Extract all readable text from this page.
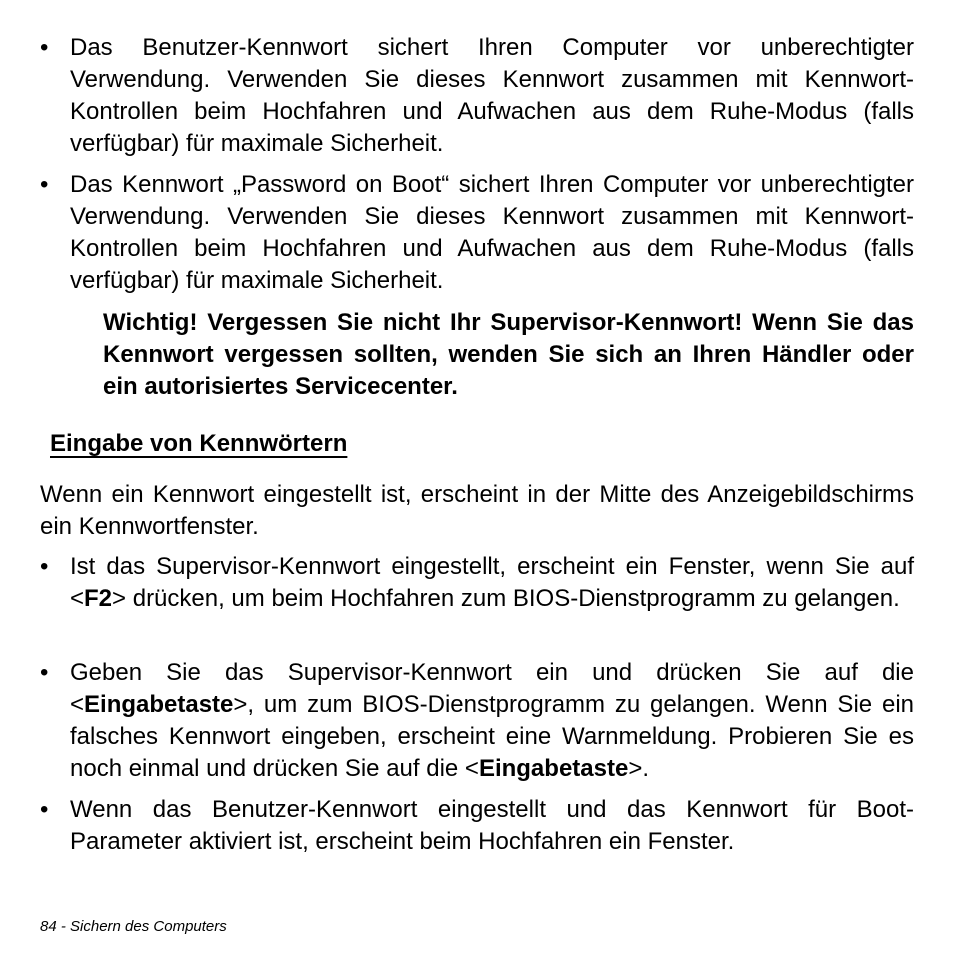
• Das Benutzer-Kennwort sichert Ihren Computer vor unberechtigter Verwendung. Verwenden Sie dieses Kennwort zusammen mit Kennwort-Kontrollen beim Hochfahren und Aufwachen aus dem Ruhe-Modus (falls verfügbar) für maximale Sicherheit.
• Das Kennwort „Password on Boot“ sichert Ihren Computer vor unberechtigter Verwendung. Verwenden Sie dieses Kennwort zusammen mit Kennwort-Kontrollen beim Hochfahren und Aufwachen aus dem Ruhe-Modus (falls verfügbar) für maximale Sicherheit.
Wichtig! Vergessen Sie nicht Ihr Supervisor-Kennwort! Wenn Sie das Kennwort vergessen sollten, wenden Sie sich an Ihren Händler oder ein autorisiertes Servicecenter.
Eingabe von Kennwörtern
Wenn ein Kennwort eingestellt ist, erscheint in der Mitte des Anzeigebildschirms ein Kennwortfenster.
• Ist das Supervisor-Kennwort eingestellt, erscheint ein Fenster, wenn Sie auf <F2> drücken, um beim Hochfahren zum BIOS-Dienstprogramm zu gelangen.
• Geben Sie das Supervisor-Kennwort ein und drücken Sie auf die <Eingabetaste>, um zum BIOS-Dienstprogramm zu gelangen. Wenn Sie ein falsches Kennwort eingeben, erscheint eine Warnmeldung. Probieren Sie es noch einmal und drücken Sie auf die <Eingabetaste>.
• Wenn das Benutzer-Kennwort eingestellt und das Kennwort für Boot-Parameter aktiviert ist, erscheint beim Hochfahren ein Fenster.
84 - Sichern des Computers
